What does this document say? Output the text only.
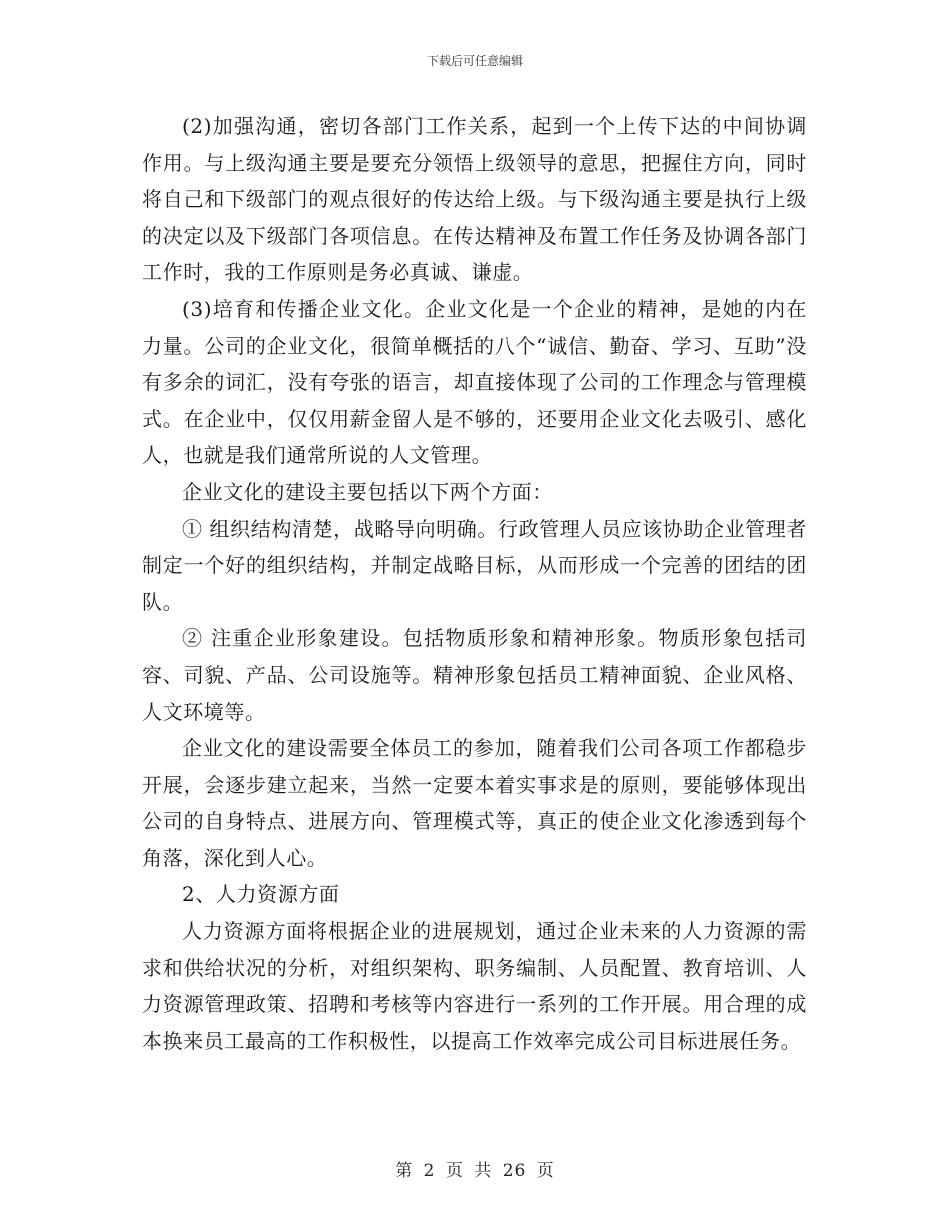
下载后可任意编辑

(2)加强沟通，密切各部门工作关系，起到一个上传下达的中间协调作用。与上级沟通主要是要充分领悟上级领导的意思，把握住方向，同时将自己和下级部门的观点很好的传达给上级。与下级沟通主要是执行上级的决定以及下级部门各项信息。在传达精神及布置工作任务及协调各部门工作时，我的工作原则是务必真诚、谦虚。

(3)培育和传播企业文化。企业文化是一个企业的精神，是她的内在力量。公司的企业文化，很简单概括的八个“诚信、勤奋、学习、互助”没有多余的词汇，没有夸张的语言，却直接体现了公司的工作理念与管理模式。在企业中，仅仅用薪金留人是不够的，还要用企业文化去吸引、感化人，也就是我们通常所说的人文管理。

企业文化的建设主要包括以下两个方面：

① 组织结构清楚，战略导向明确。行政管理人员应该协助企业管理者制定一个好的组织结构，并制定战略目标，从而形成一个完善的团结的团队。

② 注重企业形象建设。包括物质形象和精神形象。物质形象包括司容、司貌、产品、公司设施等。精神形象包括员工精神面貌、企业风格、人文环境等。

企业文化的建设需要全体员工的参加，随着我们公司各项工作都稳步开展，会逐步建立起来，当然一定要本着实事求是的原则，要能够体现出公司的自身特点、进展方向、管理模式等，真正的使企业文化渗透到每个角落，深化到人心。

2、人力资源方面

人力资源方面将根据企业的进展规划，通过企业未来的人力资源的需求和供给状况的分析，对组织架构、职务编制、人员配置、教育培训、人力资源管理政策、招聘和考核等内容进行一系列的工作开展。用合理的成本换来员工最高的工作积极性，以提高工作效率完成公司目标进展任务。

第 2 页 共 26 页
